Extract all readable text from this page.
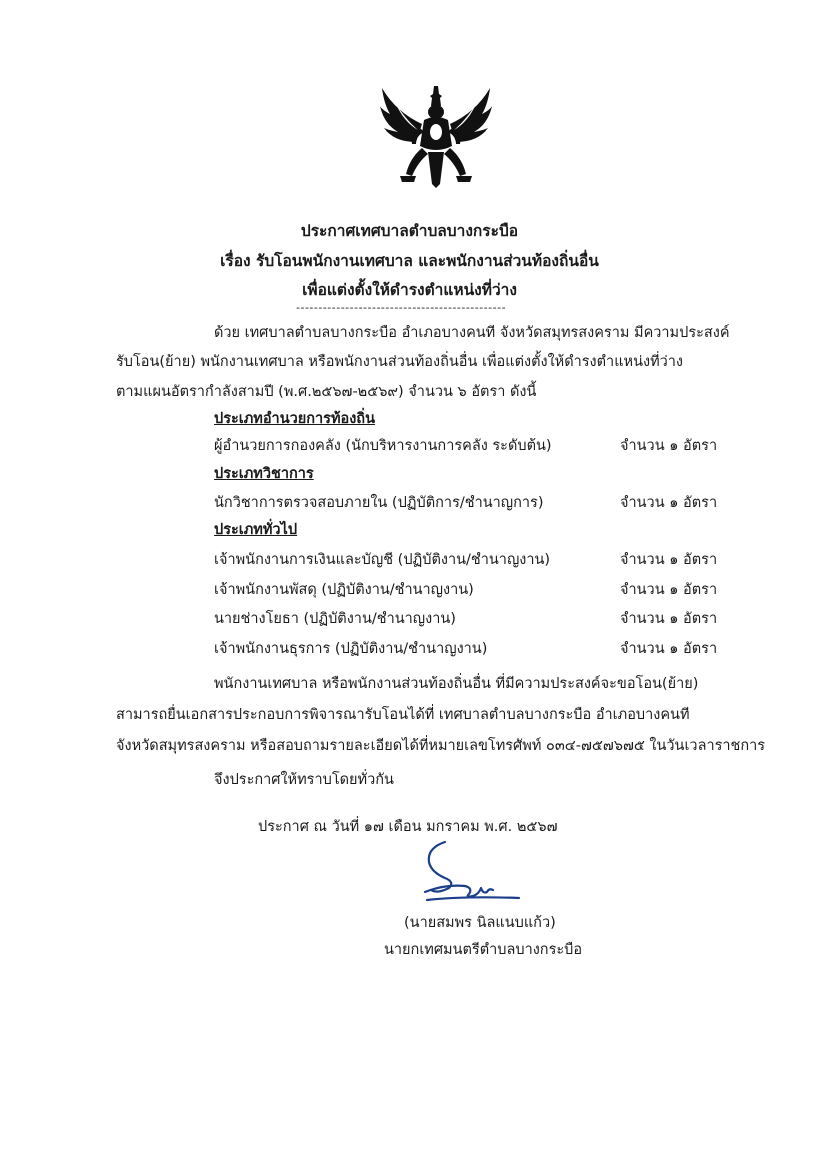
ประกาศเทศบาลตำบลบางกระบือ
เรื่อง รับโอนพนักงานเทศบาล และพนักงานส่วนท้องถิ่นอื่น
เพื่อแต่งตั้งให้ดำรงตำแหน่งที่ว่าง
-----------------------------------------------
ด้วย เทศบาลตำบลบางกระบือ อำเภอบางคนที จังหวัดสมุทรสงคราม มีความประสงค์
รับโอน(ย้าย) พนักงานเทศบาล หรือพนักงานส่วนท้องถิ่นอื่น เพื่อแต่งตั้งให้ดำรงตำแหน่งที่ว่าง
ตามแผนอัตรากำลังสามปี (พ.ศ.๒๕๖๗-๒๕๖๙) จำนวน ๖ อัตรา ดังนี้
ประเภทอำนวยการท้องถิ่น
ผู้อำนวยการกองคลัง (นักบริหารงานการคลัง ระดับต้น)	จำนวน ๑ อัตรา
ประเภทวิชาการ
นักวิชาการตรวจสอบภายใน (ปฏิบัติการ/ชำนาญการ)	จำนวน ๑ อัตรา
ประเภททั่วไป
เจ้าพนักงานการเงินและบัญชี (ปฏิบัติงาน/ชำนาญงาน)	จำนวน ๑ อัตรา
เจ้าพนักงานพัสดุ (ปฏิบัติงาน/ชำนาญงาน)	จำนวน ๑ อัตรา
นายช่างโยธา (ปฏิบัติงาน/ชำนาญงาน)	จำนวน ๑ อัตรา
เจ้าพนักงานธุรการ (ปฏิบัติงาน/ชำนาญงาน)	จำนวน ๑ อัตรา
พนักงานเทศบาล หรือพนักงานส่วนท้องถิ่นอื่น ที่มีความประสงค์จะขอโอน(ย้าย)
สามารถยื่นเอกสารประกอบการพิจารณารับโอนได้ที่ เทศบาลตำบลบางกระบือ อำเภอบางคนที
จังหวัดสมุทรสงคราม หรือสอบถามรายละเอียดได้ที่หมายเลขโทรศัพท์ ๐๓๔-๗๕๗๖๗๕ ในวันเวลาราชการ
จึงประกาศให้ทราบโดยทั่วกัน
ประกาศ ณ วันที่ ๑๗ เดือน มกราคม พ.ศ. ๒๕๖๗
(นายสมพร นิลแนบแก้ว)
นายกเทศมนตรีตำบลบางกระบือ
